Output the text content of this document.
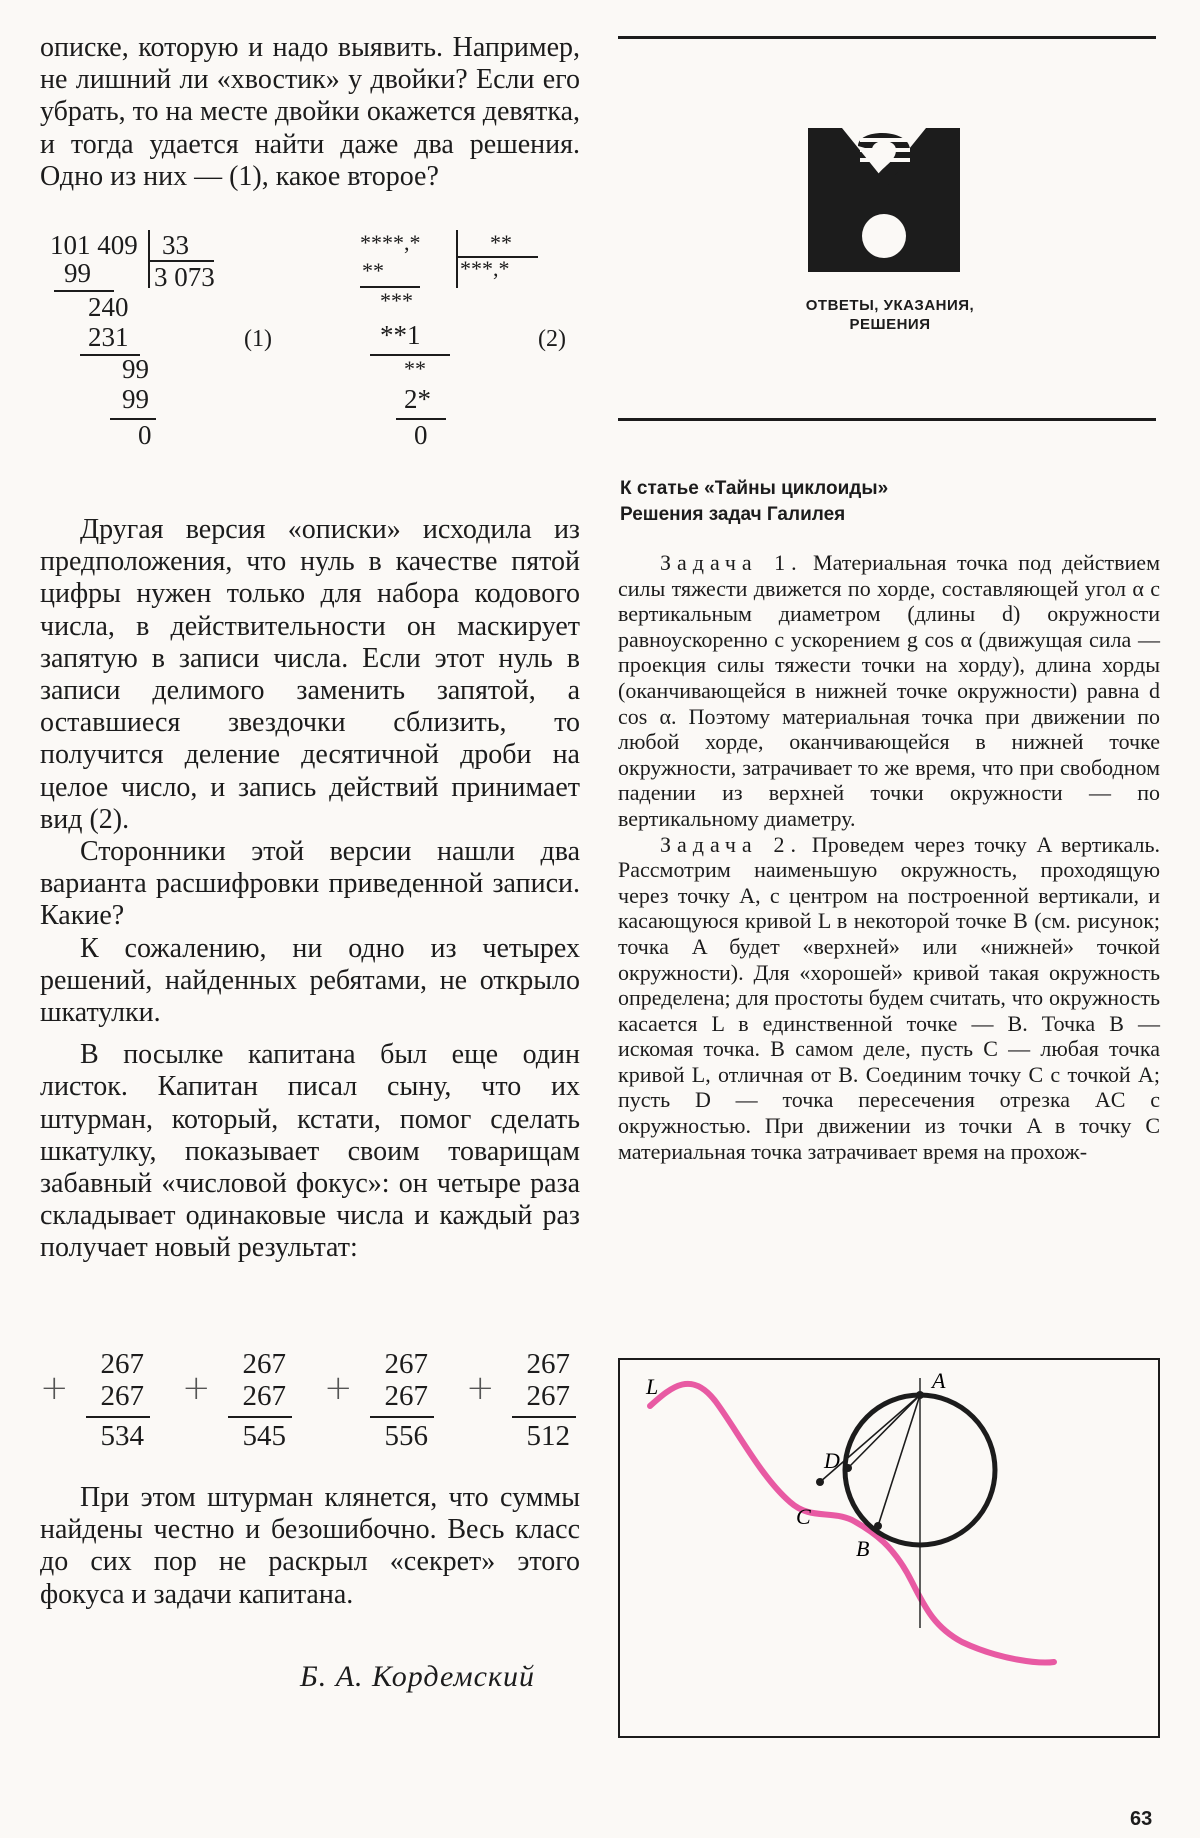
описке, которую и надо выявить. Например, не лишний ли «хвостик» у двойки? Если его убрать, то на месте двойки окажется девятка, и тогда удается найти даже два решения. Одно из них — (1), какое второе?

101 409 33
3 073
99
240
231
99
99
0
(1)
****,*	**
***,*
**
***
**1
**
2*
0
(2)

Другая версия «описки» исходила из предположения, что нуль в качестве пятой цифры нужен только для набора кодового числа, в действительности он маскирует запятую в записи числа. Если этот нуль в записи делимого заменить запятой, а оставшиеся звездочки сблизить, то получится деление десятичной дроби на целое число, и запись действий принимает вид (2).

Сторонники этой версии нашли два варианта расшифровки приведенной записи. Какие?

К сожалению, ни одно из четырех решений, найденных ребятами, не открыло шкатулки.

В посылке капитана был еще один листок. Капитан писал сыну, что их штурман, который, кстати, помог сделать шкатулку, показывает своим товарищам забавный «числовой фокус»: он четыре раза складывает одинаковые числа и каждый раз получает новый результат:

+
267
267
534
+
267
267
545
+
267
267
556
+
267
267
512

При этом штурман клянется, что суммы найдены честно и безошибочно. Весь класс до сих пор не раскрыл «секрет» этого фокуса и задачи капитана.

Б. А. Кордемский
ОТВЕТЫ, УКАЗАНИЯ,
РЕШЕНИЯ
К статье «Тайны циклоиды»
Решения задач Галилея

Задача 1. Материальная точка под действием силы тяжести движется по хорде, составляющей угол α с вертикальным диаметром (длины d) окружности равноускоренно с ускорением g cos α (движущая сила — проекция силы тяжести точки на хорду), длина хорды (оканчивающейся в нижней точке окружности) равна d cos α. Поэтому материальная точка при движении по любой хорде, оканчивающейся в нижней точке окружности, затрачивает то же время, что при свободном падении из верхней точки окружности — по вертикальному диаметру.

Задача 2. Проведем через точку A вертикаль. Рассмотрим наименьшую окружность, проходящую через точку A, с центром на построенной вертикали, и касающуюся кривой L в некоторой точке B (см. рисунок; точка A будет «верхней» или «нижней» точкой окружности). Для «хорошей» кривой такая окружность определена; для простоты будем считать, что окружность касается L в единственной точке — B. Точка B — искомая точка. В самом деле, пусть C — любая точка кривой L, отличная от B. Соединим точку C с точкой A; пусть D — точка пересечения отрезка AC с окружностью. При движении из точки A в точку C материальная точка затрачивает время на прохож-

L	A
D
C
B
63
